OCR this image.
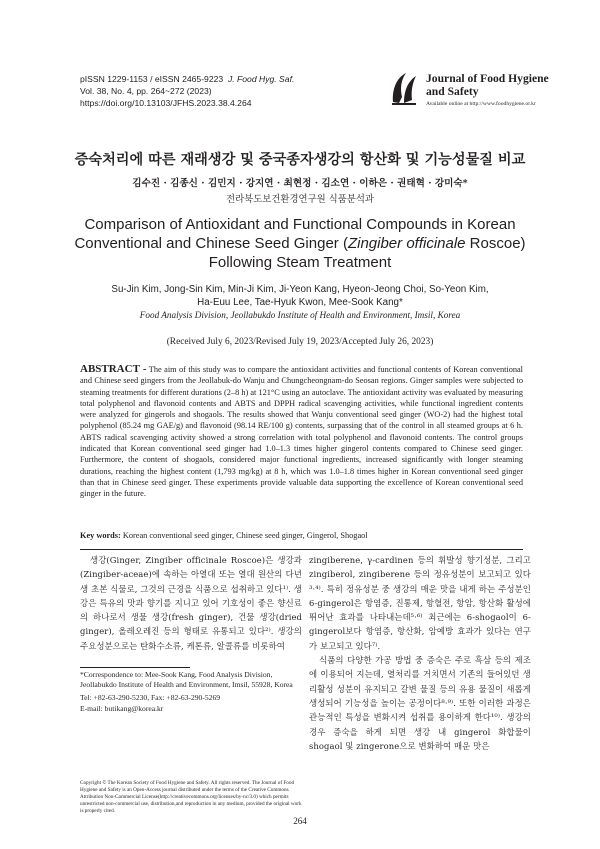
pISSN 1229-1153 / eISSN 2465-9223 J. Food Hyg. Saf.
Vol. 38, No. 4, pp. 264~272 (2023)
https://doi.org/10.13103/JFHS.2023.38.4.264
Journal of Food Hygiene
and Safety
Available online at http://www.foodhygiene.or.kr
증숙처리에 따른 재래생강 및 중국종자생강의 항산화 및 기능성물질 비교
김수진 · 김종신 · 김민지 · 강지연 · 최현정 · 김소연 · 이하은 · 권태혁 · 강미숙*
전라북도보건환경연구원 식품분석과
Comparison of Antioxidant and Functional Compounds in Korean
Conventional and Chinese Seed Ginger (Zingiber officinale Roscoe)
Following Steam Treatment
Su-Jin Kim, Jong-Sin Kim, Min-Ji Kim, Ji-Yeon Kang, Hyeon-Jeong Choi, So-Yeon Kim,
Ha-Euu Lee, Tae-Hyuk Kwon, Mee-Sook Kang*
Food Analysis Division, Jeollabukdo Institute of Health and Environment, Imsil, Korea
(Received July 6, 2023/Revised July 19, 2023/Accepted July 26, 2023)
ABSTRACT - The aim of this study was to compare the antioxidant activities and functional contents of Korean conventional and Chinese seed gingers from the Jeollabuk-do Wanju and Chungcheongnam-do Seosan regions. Ginger samples were subjected to steaming treatments for different durations (2–8 h) at 121°C using an autoclave. The antioxidant activity was evaluated by measuring total polyphenol and flavonoid contents and ABTS and DPPH radical scavenging activities, while functional ingredient contents were analyzed for gingerols and shogaols. The results showed that Wanju conventional seed ginger (WO-2) had the highest total polyphenol (85.24 mg GAE/g) and flavonoid (98.14 RE/100 g) contents, surpassing that of the control in all steamed groups at 6 h. ABTS radical scavenging activity showed a strong correlation with total polyphenol and flavonoid contents. The control groups indicated that Korean conventional seed ginger had 1.0–1.3 times higher gingerol contents compared to Chinese seed ginger. Furthermore, the content of shogaols, considered major functional ingredients, increased significantly with longer steaming durations, reaching the highest content (1,793 mg/kg) at 8 h, which was 1.0–1.8 times higher in Korean conventional seed ginger than that in Chinese seed ginger. These experiments provide valuable data supporting the excellence of Korean conventional seed ginger in the future.
Key words: Korean conventional seed ginger, Chinese seed ginger, Gingerol, Shogaol
생강(Ginger, Zingiber officinale Roscoe)은 생강과(Zingiber-aceae)에 속하는 아열대 또는 열대 원산의 다년생 초본 식물로, 그것의 근경을 식품으로 섭취하고 있다¹⁾. 생강은 특유의 맛과 향기를 지니고 있어 기호성이 좋은 향신료의 하나로서 생물 생강(fresh ginger), 건물 생강(dried ginger), 올레오레진 등의 형태로 유통되고 있다²⁾. 생강의 주요성분으로는 탄화수소류, 케톤류, 알콜류를 비롯하여
zingiberene, γ-cardinen 등의 휘발성 향기성분, 그리고 zingiberol, zingiberene 등의 정유성분이 보고되고 있다³·⁴⁾. 특히 정유성분 중 생강의 매운 맛을 내게 하는 주성분인 6-gingerol은 항염증, 진통제, 항혈전, 항암, 항산화 활성에 뛰어난 효과를 나타내는데⁵·⁶⁾ 최근에는 6-shogaol이 6-gingerol보다 항염증, 항산화, 암예방 효과가 있다는 연구가 보고되고 있다⁷⁾.
식품의 다양한 가공 방법 중 증숙은 주로 흑삼 등의 제조에 이용되어 지는데, 열처리를 거치면서 기존의 들어있던 생리활성 성분이 유지되고 갈변 물질 등의 유용 물질이 새롭게 생성되어 기능성을 높이는 공정이다⁸·⁹⁾. 또한 이러한 과정은 관능적인 특성을 변화시켜 섭취를 용이하게 한다¹⁰⁾. 생강의 경우 증숙을 하게 되면 생강 내 gingerol 화합물이 shogaol 및 zingerone으로 변화하여 매운 맛은
*Correspondence to: Mee-Sook Kang, Food Analysis Division, Jeollabukdo Institute of Health and Environment, Imsil, 55928, Korea
Tel: +82-63-290-5230, Fax: +82-63-290-5269
E-mail: butikang@korea.kr
Copyright © The Korean Society of Food Hygiene and Safety. All rights reserved. The Journal of Food Hygiene and Safety is an Open-Access journal distributed under the terms of the Creative Commons Attribution Non-Commercial License(http://creativecommons.org/licenses/by-nc/3.0) which permits unrestricted non-commercial use, distribution,and reproduction in any medium, provided the original work is properly cited.
264
